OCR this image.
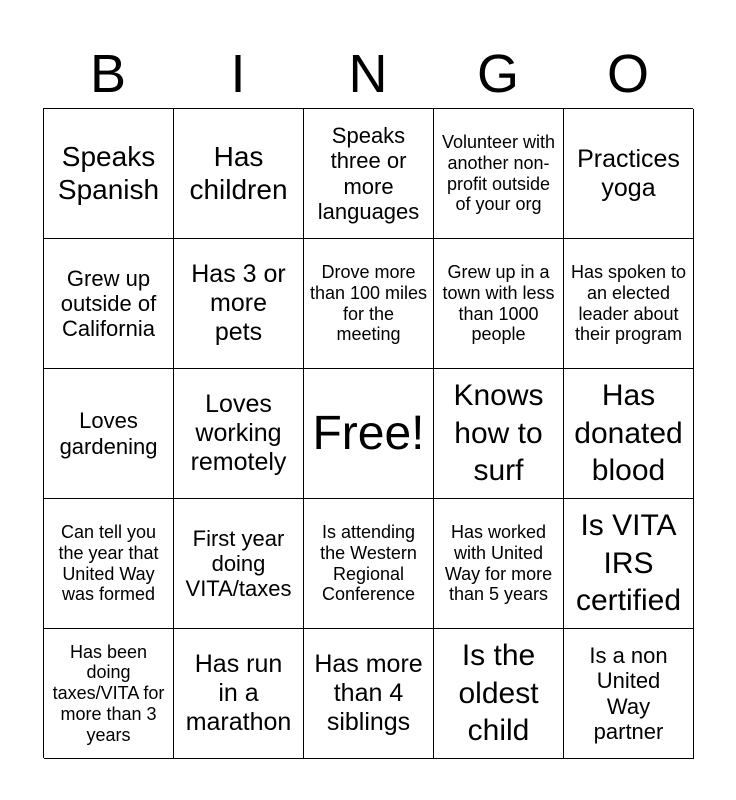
B	I	N	G	O
Speaks Spanish
Has children
Speaks three or more languages
Volunteer with another non-profit outside of your org
Practices yoga
Grew up outside of California
Has 3 or more pets
Drove more than 100 miles for the meeting
Grew up in a town with less than 1000 people
Has spoken to an elected leader about their program
Loves gardening
Loves working remotely
Free!
Knows how to surf
Has donated blood
Can tell you the year that United Way was formed
First year doing VITA/taxes
Is attending the Western Regional Conference
Has worked with United Way for more than 5 years
Is VITA IRS certified
Has been doing taxes/VITA for more than 3 years
Has run in a marathon
Has more than 4 siblings
Is the oldest child
Is a non United Way partner
